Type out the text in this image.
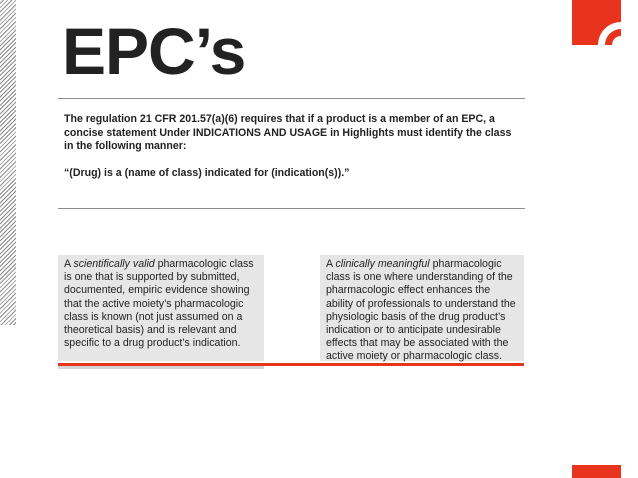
EPC’s

The regulation 21 CFR 201.57(a)(6) requires that if a product is a member of an EPC, a concise statement Under INDICATIONS AND USAGE in Highlights must identify the class in the following manner:

“(Drug) is a (name of class) indicated for (indication(s)).”

A scientifically valid pharmacologic class is one that is supported by submitted, documented, empiric evidence showing that the active moiety’s pharmacologic class is known (not just assumed on a theoretical basis) and is relevant and specific to a drug product’s indication.

A clinically meaningful pharmacologic class is one where understanding of the pharmacologic effect enhances the ability of professionals to understand the physiologic basis of the drug product’s indication or to anticipate undesirable effects that may be associated with the active moiety or pharmacologic class.
